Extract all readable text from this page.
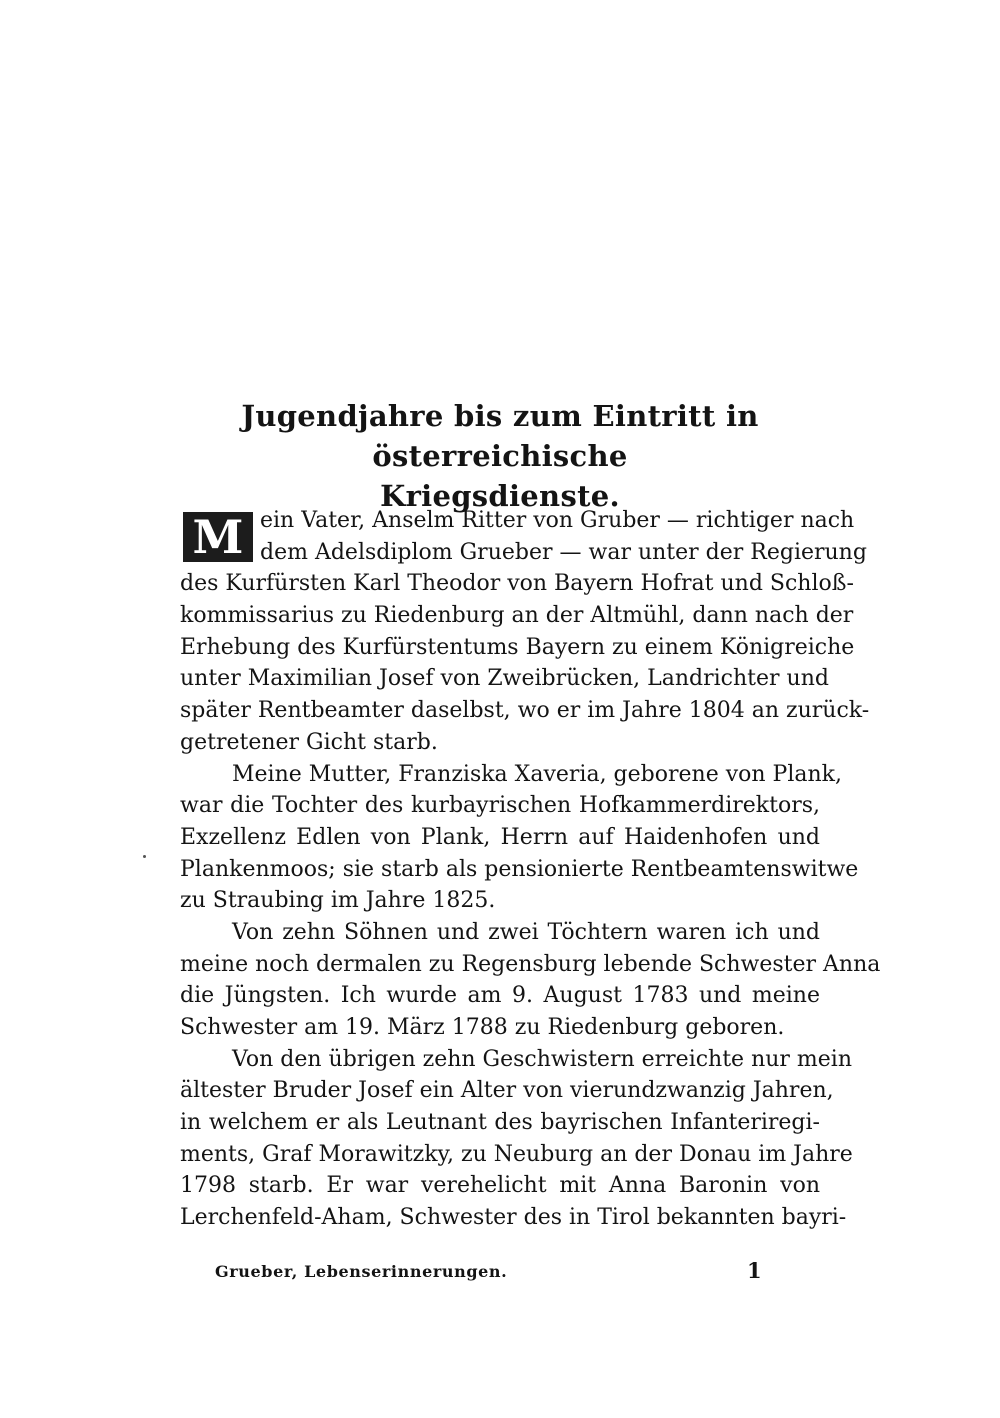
Jugendjahre bis zum Eintritt in österreichische
Kriegsdienste.
M ein Vater, Anselm Ritter von Gruber — richtiger nach
dem Adelsdiplom Grueber — war unter der Regierung
des Kurfürsten Karl Theodor von Bayern Hofrat und Schloß-
kommissarius zu Riedenburg an der Altmühl, dann nach der
Erhebung des Kurfürstentums Bayern zu einem Königreiche
unter Maximilian Josef von Zweibrücken, Landrichter und
später Rentbeamter daselbst, wo er im Jahre 1804 an zurück-
getretener Gicht starb.
Meine Mutter, Franziska Xaveria, geborene von Plank,
war die Tochter des kurbayrischen Hofkammerdirektors,
Exzellenz Edlen von Plank, Herrn auf Haidenhofen und
Plankenmoos; sie starb als pensionierte Rentbeamtenswitwe
zu Straubing im Jahre 1825.
Von zehn Söhnen und zwei Töchtern waren ich und
meine noch dermalen zu Regensburg lebende Schwester Anna
die Jüngsten. Ich wurde am 9. August 1783 und meine
Schwester am 19. März 1788 zu Riedenburg geboren.
Von den übrigen zehn Geschwistern erreichte nur mein
ältester Bruder Josef ein Alter von vierundzwanzig Jahren,
in welchem er als Leutnant des bayrischen Infanteriregi-
ments, Graf Morawitzky, zu Neuburg an der Donau im Jahre
1798 starb. Er war verehelicht mit Anna Baronin von
Lerchenfeld-Aham, Schwester des in Tirol bekannten bayri-
Grueber, Lebenserinnerungen.	1
